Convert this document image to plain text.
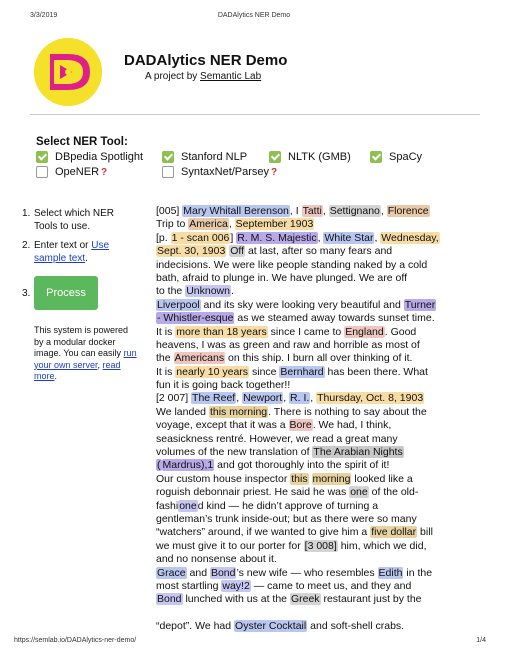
3/3/2019	DADAlytics NER Demo
DADAlytics NER Demo
A project by Semantic Lab
Select NER Tool:
DBpedia Spotlight	Stanford NLP	NLTK (GMB)	SpaCy
OpeNER ?	SyntaxNet/Parsey ?
1. Select which NER Tools to use.
2. Enter text or Use sample text.
3.	Process
This system is powered by a modular docker image. You can easily run your own server, read more.
[005] Mary Whitall Berenson, I Tatti, Settignano, Florence
Trip to America, September 1903
[p. 1 - scan 006] R. M. S. Majestic, White Star, Wednesday,
Sept. 30, 1903 Off at last, after so many fears and
indecisions. We were like people standing naked by a cold
bath, afraid to plunge in. We have plunged. We are off
to the Unknown.
Liverpool and its sky were looking very beautiful and Turner
- Whistler-esque as we steamed away towards sunset time.
It is more than 18 years since I came to England. Good
heavens, I was as green and raw and horrible as most of
the Americans on this ship. I burn all over thinking of it.
It is nearly 10 years since Bernhard has been there. What
fun it is going back together!!
[2 007] The Reef, Newport, R. I., Thursday, Oct. 8, 1903
We landed this morning. There is nothing to say about the
voyage, except that it was a Bore. We had, I think,
seasickness rentré. However, we read a great many
volumes of the new translation of The Arabian Nights
( Mardrus),1 and got thoroughly into the spirit of it!
Our custom house inspector this morning looked like a
roguish debonnair priest. He said he was one of the old-
fashioned kind — he didn’t approve of turning a
gentleman’s trunk inside-out; but as there were so many
“watchers” around, if we wanted to give him a five dollar bill
we must give it to our porter for [3 008] him, which we did,
and no nonsense about it.
Grace and Bond’s new wife — who resembles Edith in the
most startling way!2 — came to meet us, and they and
Bond lunched with us at the Greek restaurant just by the
“depot”. We had Oyster Cocktail and soft-shell crabs.
https://semlab.io/DADAlytics-ner-demo/	1/4
